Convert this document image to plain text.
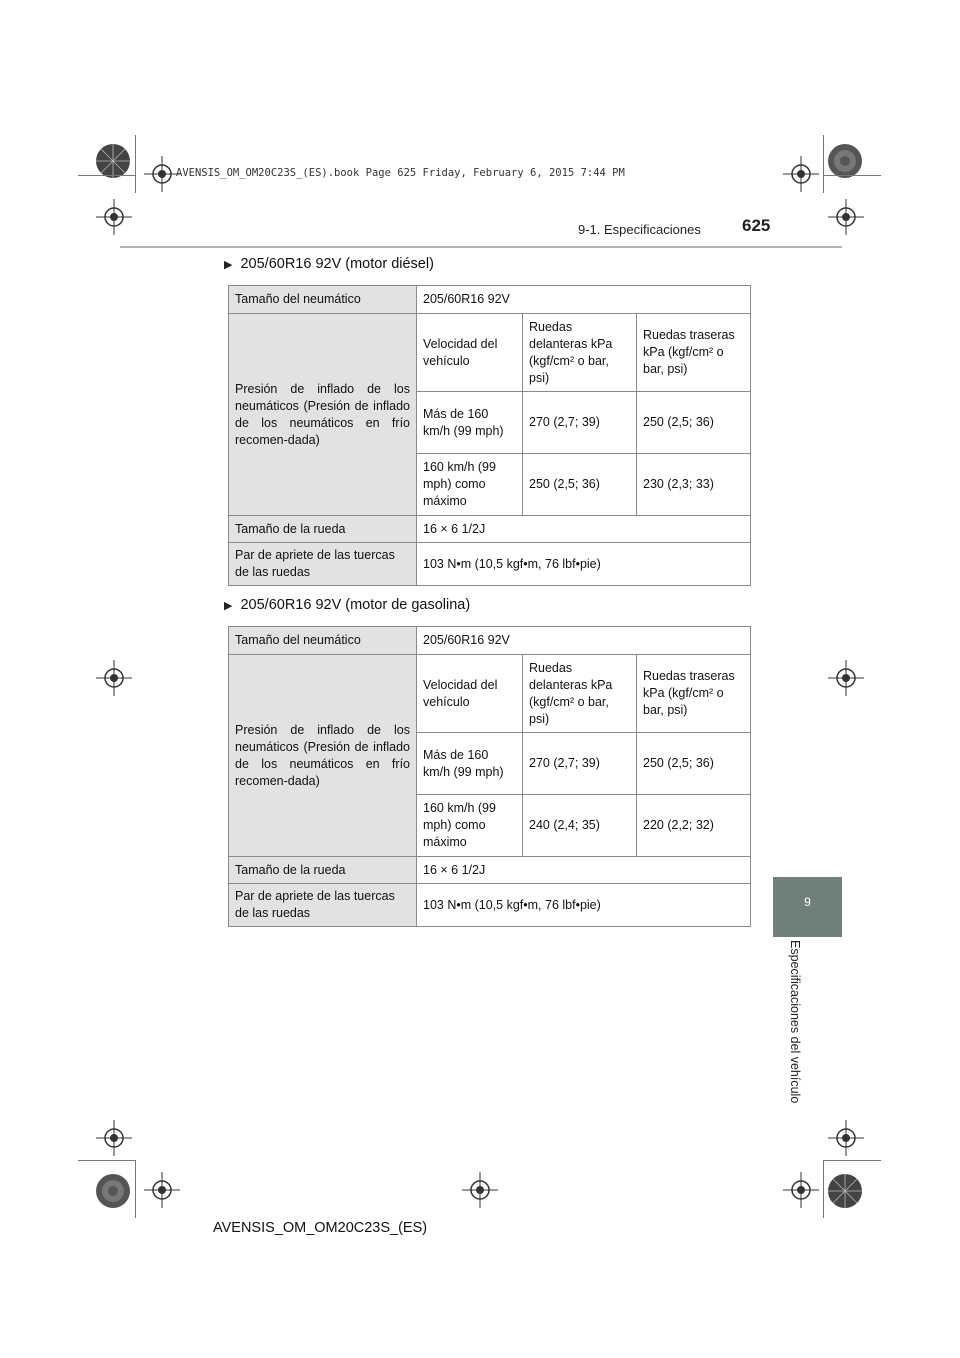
AVENSIS_OM_OM20C23S_(ES).book Page 625 Friday, February 6, 2015 7:44 PM
9-1. Especificaciones 625
9
Especificaciones del vehículo
▶ 205/60R16 92V (motor diésel)
Tamaño del neumático	205/60R16 92V		
Presión de inflado de los neumáticos (Presión de inflado de los neumáticos en frío recomen-dada)	Velocidad del vehículo	Ruedas delanteras kPa (kgf/cm² o bar, psi)	Ruedas traseras kPa (kgf/cm² o bar, psi)
	Más de 160 km/h (99 mph)	270 (2,7; 39)	250 (2,5; 36)
	160 km/h (99 mph) como máximo	250 (2,5; 36)	230 (2,3; 33)
Tamaño de la rueda	16 × 6 1/2J		
Par de apriete de las tuercas de las ruedas	103 N•m (10,5 kgf•m, 76 lbf•pie)		
▶ 205/60R16 92V (motor de gasolina)
Tamaño del neumático	205/60R16 92V		
Presión de inflado de los neumáticos (Presión de inflado de los neumáticos en frío recomen-dada)	Velocidad del vehículo	Ruedas delanteras kPa (kgf/cm² o bar, psi)	Ruedas traseras kPa (kgf/cm² o bar, psi)
	Más de 160 km/h (99 mph)	270 (2,7; 39)	250 (2,5; 36)
	160 km/h (99 mph) como máximo	240 (2,4; 35)	220 (2,2; 32)
Tamaño de la rueda	16 × 6 1/2J		
Par de apriete de las tuercas de las ruedas	103 N•m (10,5 kgf•m, 76 lbf•pie)		
AVENSIS_OM_OM20C23S_(ES)
